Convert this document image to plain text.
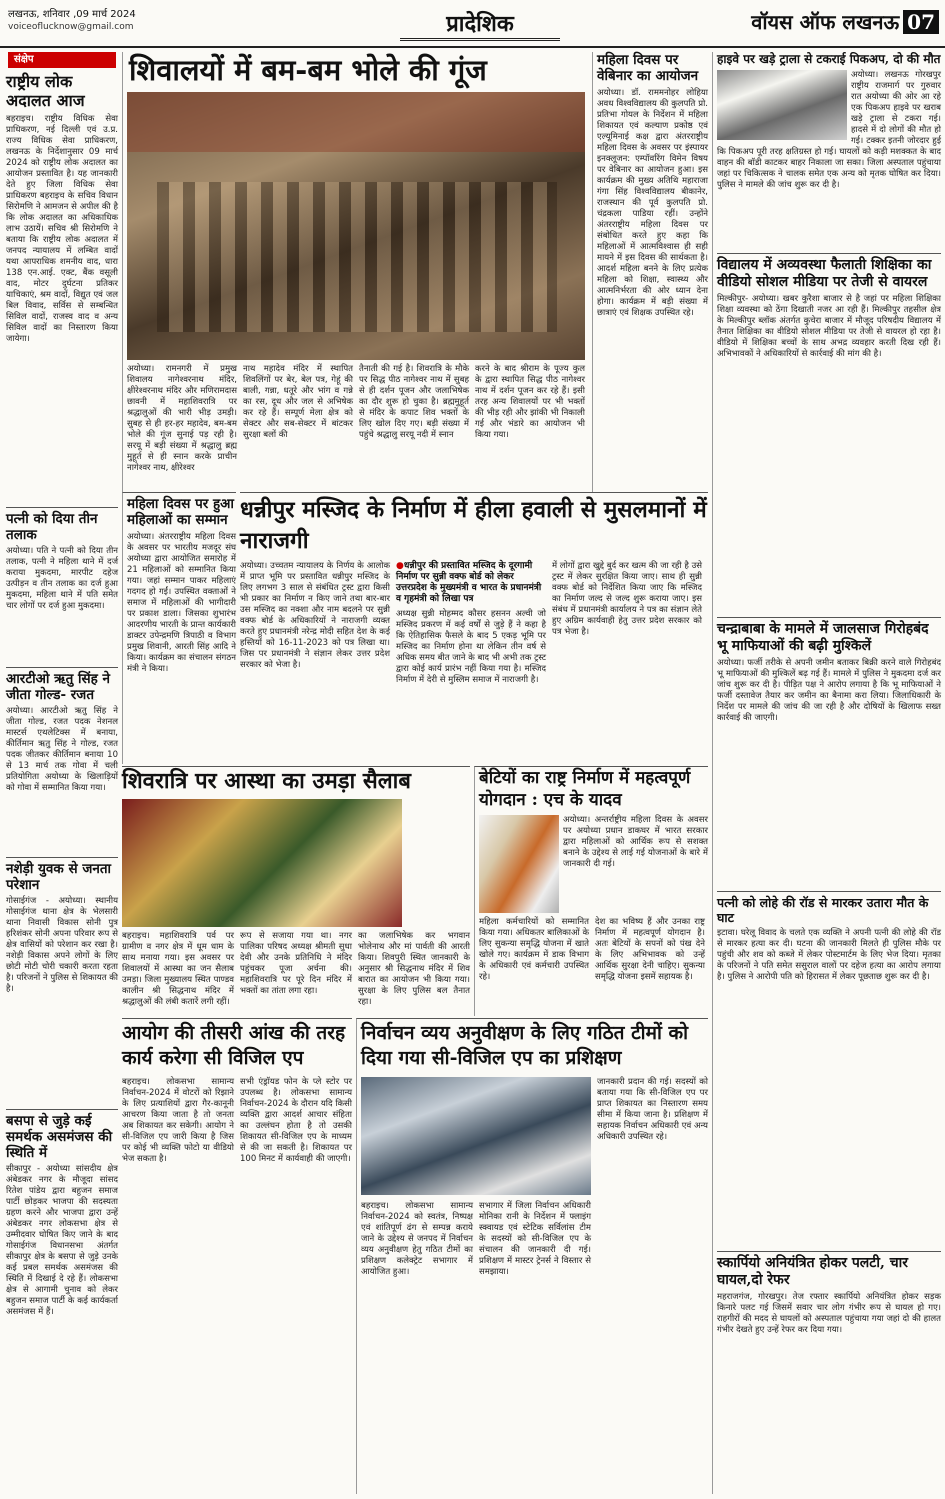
लखनऊ, शनिवार ,09 मार्च 2024
voiceoflucknow@gmail.com	प्रादेशिक	वॉयस ऑफ लखनऊ 07
संक्षेप
राष्ट्रीय लोक अदालत आज
बहराइच। राष्ट्रीय विधिक सेवा प्राधिकरण, नई दिल्ली एवं उ.प्र. राज्य विधिक सेवा प्राधिकरण, लखनऊ के निर्देशानुसार 09 मार्च 2024 को राष्ट्रीय लोक अदालत का आयोजन प्रस्तावित है। यह जानकारी देते हुए जिला विधिक सेवा प्राधिकरण बहराइच के सचिव विधान सिरोमणि ने आमजन से अपील की है कि लोक अदालत का अधिकाधिक लाभ उठायें। सचिव श्री सिरोमणि ने बताया कि राष्ट्रीय लोक अदालत में जनपद न्यायालय में लम्बित वादों यथा आपराधिक शमनीय वाद, धारा 138 एन.आई. एक्ट, बैंक वसूली वाद, मोटर दुर्घटना प्रतिकर याचिकाएं, श्रम वादों, विद्युत एवं जल बिल विवाद, सर्विस से सम्बन्धित सिविल वादों, राजस्व वाद व अन्य सिविल वादों का निस्तारण किया जायेगा।
पत्नी को दिया तीन तलाक
अयोध्या। पति ने पत्नी को दिया तीन तलाक, पत्नी ने महिला थाने में दर्ज कराया मुकदमा, मारपीट दहेज उत्पीड़न व तीन तलाक का दर्ज हुआ मुकदमा, महिला थाने में पति समेत चार लोगों पर दर्ज हुआ मुकदमा।
आरटीओ ऋतु सिंह ने जीता गोल्ड- रजत
अयोध्या। आरटीओ ऋतु सिंह ने जीता गोल्ड, रजत पदक नेशनल मास्टर्स एथलेटिक्स में बनाया, कीर्तिमान ऋतु सिंह ने गोल्ड, रजत पदक जीतकर कीर्तिमान बनाया 10 से 13 मार्च तक गोवा में चली प्रतियोगिता अयोध्या के खिलाड़ियों को गोवा में सम्मानित किया गया।
नशेड़ी युवक से जनता परेशान
गोसाईगंज - अयोध्या। स्थानीय गोसाईगंज थाना क्षेत्र के भेलसारी थाना निवासी विकास सोनी पुत्र हरिशंकर सोनी अपना परिवार रूप से क्षेत्र वासियों को परेशान कर रखा है। नशेड़ी विकास अपने लोगों के लिए छोटी मोटी चोरी चकारी करता रहता है। परिजनों ने पुलिस से शिकायत की है।
बसपा से जुड़े कई समर्थक असमंजस की स्थिति में
सीकापुर - अयोध्या सांसदीय क्षेत्र अंबेडकर नगर के मौजूदा सांसद रितेश पांडेय द्वारा बहुजन समाज पार्टी छोड़कर भाजपा की सदस्यता ग्रहण करने और भाजपा द्वारा उन्हें अंबेडकर नगर लोकसभा क्षेत्र से उम्मीदवार घोषित किए जाने के बाद गोसाईगंज विधानसभा अंतर्गत सीकापुर क्षेत्र के बसपा से जुड़े उनके कई प्रबल समर्थक असमंजस की स्थिति में दिखाई दे रहे हैं। लोकसभा क्षेत्र से आगामी चुनाव को लेकर बहुजन समाज पार्टी के कई कार्यकर्ता असमंजस में हैं।
शिवालयों में बम-बम भोले की गूंज
अयोध्या। रामनगरी में प्रमुख शिवालय नागेश्वरनाथ मंदिर, क्षीरेश्वरनाथ मंदिर और मणिरामदास छावनी में महाशिवरात्रि पर श्रद्धालुओं की भारी भीड़ उमड़ी। सुबह से ही हर-हर महादेव, बम-बम भोले की गूंज सुनाई पड़ रही है। सरयू में बड़ी संख्या में श्रद्धालु ब्रह्म मुहूर्त से ही स्नान करके प्राचीन नागेश्वर नाथ, क्षीरेश्वर
नाथ महादेव मंदिर में स्थापित शिवलिंगों पर बेर, बेल पत्र, गेहूं की बाली, गन्ना, धतूरे और भांग व गन्ने का रस, दूध और जल से अभिषेक कर रहे हैं। सम्पूर्ण मेला क्षेत्र को सेक्टर और सब-सेक्टर में बांटकर सुरक्षा बलों की
तैनाती की गई है। शिवरात्रि के मौके पर सिद्ध पीठ नागेश्वर नाथ में सुबह से ही दर्शन पूजन और जलाभिषेक का दौर शुरू हो चुका है। ब्रह्ममुहूर्त से मंदिर के कपाट शिव भक्तों के लिए खोल दिए गए। बड़ी संख्या में पहुंचे श्रद्धालु सरयू नदी में स्नान
करने के बाद श्रीराम के पूज्य कुल के द्वारा स्थापित सिद्ध पीठ नागेश्वर नाथ में दर्शन पूजन कर रहे हैं। इसी तरह अन्य शिवालयों पर भी भक्तों की भीड़ रही और झांकी भी निकाली गई और भंडारे का आयोजन भी किया गया।
महिला दिवस पर वेबिनार का आयोजन
अयोध्या। डॉ. राममनोहर लोहिया अवध विश्वविद्यालय की कुलपति प्रो. प्रतिभा गोयल के निर्देशन में महिला शिकायत एवं कल्याण प्रकोष्ठ एवं एल्यूमिनाई कक्ष द्वारा अंतरराष्ट्रीय महिला दिवस के अवसर पर इंस्पायर इनक्लूजन: एम्पॉवरिंग विमेन विषय पर वेबिनार का आयोजन हुआ। इस कार्यक्रम की मुख्य अतिथि महाराजा गंगा सिंह विश्वविद्यालय बीकानेर, राजस्थान की पूर्व कुलपति प्रो. चंद्रकला पाडिया रहीं। उन्होंने अंतरराष्ट्रीय महिला दिवस पर संबोधित करते हुए कहा कि महिलाओं में आत्मविश्वास ही सही मायने में इस दिवस की सार्थकता है। आदर्श महिला बनने के लिए प्रत्येक महिला को शिक्षा, स्वास्थ्य और आत्मनिर्भरता की ओर ध्यान देना होगा। कार्यक्रम में बड़ी संख्या में छात्राएं एवं शिक्षक उपस्थित रहे।
महिला दिवस पर हुआ महिलाओं का सम्मान
अयोध्या। अंतरराष्ट्रीय महिला दिवस के अवसर पर भारतीय मजदूर संघ अयोध्या द्वारा आयोजित समारोह में 21 महिलाओं को सम्मानित किया गया। जहां सम्मान पाकर महिलाएं गदगद हो गईं। उपस्थित वक्ताओं ने समाज में महिलाओं की भागीदारी पर प्रकाश डाला। जिसका शुभारंभ आदरणीय भारती के प्रान्त कार्यकारी डाक्टर उपेन्द्रमणि त्रिपाठी व विभाग प्रमुख शिवानी, आरती सिंह आदि ने किया। कार्यक्रम का संचालन संगठन मंत्री ने किया।
धन्नीपुर मस्जिद के निर्माण में हीला हवाली से मुसलमानों में नाराजगी
अयोध्या। उच्चतम न्यायालय के निर्णय के आलोक में प्राप्त भूमि पर प्रस्तावित धन्नीपुर मस्जिद के लिए लगभग 3 साल से संबंधित ट्रस्ट द्वारा किसी भी प्रकार का निर्माण न किए जाने तथा बार-बार उस मस्जिद का नक्शा और नाम बदलने पर सुन्नी वक्फ बोर्ड के अधिकारियों ने नाराजगी व्यक्त करते हुए प्रधानमंत्री नरेन्द्र मोदी सहित देश के कई हस्तियों को 16-11-2023 को पत्र लिखा था। जिस पर प्रधानमंत्री ने संज्ञान लेकर उत्तर प्रदेश सरकार को भेजा है।
● धन्नीपुर की प्रस्तावित मस्जिद के दूरगामी निर्माण पर सुन्नी वक्फ बोर्ड को लेकर उत्तरप्रदेश के मुख्यमंत्री व भारत के प्रधानमंत्री व गृहमंत्री को लिखा पत्र
अध्यक्ष सुन्नी मोहम्मद कौसर हसनन अल्वी जो मस्जिद प्रकरण में कई वर्षों से जुड़े हैं ने कहा है कि ऐतिहासिक फैसले के बाद 5 एकड़ भूमि पर मस्जिद का निर्माण होना था लेकिन तीन वर्ष से अधिक समय बीत जाने के बाद भी अभी तक ट्रस्ट द्वारा कोई कार्य प्रारंभ नहीं किया गया है। मस्जिद निर्माण में देरी से मुस्लिम समाज में नाराजगी है।
में लोगों द्वारा खुद्दे बुर्द कर खत्म की जा रही है उसे ट्रस्ट में लेकर सुरक्षित किया जाए। साथ ही सुन्नी वक्फ बोर्ड को निर्देशित किया जाए कि मस्जिद का निर्माण जल्द से जल्द शुरू कराया जाए। इस संबंध में प्रधानमंत्री कार्यालय ने पत्र का संज्ञान लेते हुए अग्रिम कार्यवाही हेतु उत्तर प्रदेश सरकार को पत्र भेजा है।
शिवरात्रि पर आस्था का उमड़ा सैलाब
बहराइच। महाशिवरात्रि पर्व पर ग्रामीण व नगर क्षेत्र में धूम धाम के साथ मनाया गया। इस अवसर पर शिवालयों में आस्था का जन सैलाब उमड़ा। जिला मुख्यालय स्थित पाण्डव कालीन श्री सिद्धनाथ मंदिर में श्रद्धालुओं की लंबी कतारें लगी रहीं।
रूप से सजाया गया था। नगर पालिका परिषद अध्यक्ष श्रीमती सुधा देवी और उनके प्रतिनिधि ने मंदिर पहुंचकर पूजा अर्चना की। महाशिवरात्रि पर पूरे दिन मंदिर में भक्तों का तांता लगा रहा।
का जलाभिषेक कर भगवान भोलेनाथ और मां पार्वती की आरती किया। शिवपुरी स्थित जानकारी के अनुसार श्री सिद्धनाथ मंदिर में शिव बारात का आयोजन भी किया गया। सुरक्षा के लिए पुलिस बल तैनात रहा।
बेटियों का राष्ट्र निर्माण में महत्वपूर्ण योगदान : एच के यादव
अयोध्या। अन्तर्राष्ट्रीय महिला दिवस के अवसर पर अयोध्या प्रधान डाकघर में भारत सरकार द्वारा महिलाओं को आर्थिक रूप से सशक्त बनाने के उद्देश्य से लाई गई योजनाओं के बारे में जानकारी दी गई।
महिला कर्मचारियों को सम्मानित किया गया। अधिकतर बालिकाओं के लिए सुकन्या समृद्धि योजना में खाते खोले गए। कार्यक्रम में डाक विभाग के अधिकारी एवं कर्मचारी उपस्थित रहे।
देश का भविष्य हैं और उनका राष्ट्र निर्माण में महत्वपूर्ण योगदान है। अतः बेटियों के सपनों को पंख देने के लिए अभिभावक को उन्हें आर्थिक सुरक्षा देनी चाहिए। सुकन्या समृद्धि योजना इसमें सहायक है।
आयोग की तीसरी आंख की तरह कार्य करेगा सी विजिल एप
बहराइच। लोकसभा सामान्य निर्वाचन-2024 में वोटरों को रिझाने के लिए प्रत्याशियों द्वारा गैर-कानूनी आचरण किया जाता है तो जनता अब शिकायत कर सकेगी। आयोग ने सी-विजिल एप जारी किया है जिस पर कोई भी व्यक्ति फोटो या वीडियो भेज सकता है।
सभी एंड्रॉयड फोन के प्ले स्टोर पर उपलब्ध है। लोकसभा सामान्य निर्वाचन-2024 के दौरान यदि किसी व्यक्ति द्वारा आदर्श आचार संहिता का उल्लंघन होता है तो उसकी शिकायत सी-विजिल एप के माध्यम से की जा सकती है। शिकायत पर 100 मिनट में कार्यवाही की जाएगी।
निर्वाचन व्यय अनुवीक्षण के लिए गठित टीमों को दिया गया सी-विजिल एप का प्रशिक्षण
जानकारी प्रदान की गई। सदस्यों को बताया गया कि सी-विजिल एप पर प्राप्त शिकायत का निस्तारण समय सीमा में किया जाना है। प्रशिक्षण में सहायक निर्वाचन अधिकारी एवं अन्य अधिकारी उपस्थित रहे।
बहराइच। लोकसभा सामान्य निर्वाचन-2024 को स्वतंत्र, निष्पक्ष एवं शांतिपूर्ण ढंग से सम्पन्न कराये जाने के उद्देश्य से जनपद में निर्वाचन व्यय अनुवीक्षण हेतु गठित टीमों का प्रशिक्षण कलेक्ट्रेट सभागार में आयोजित हुआ।
सभागार में जिला निर्वाचन अधिकारी मोनिका रानी के निर्देशन में फ्लाइंग स्क्वायड एवं स्टेटिक सर्विलांस टीम के सदस्यों को सी-विजिल एप के संचालन की जानकारी दी गई। प्रशिक्षण में मास्टर ट्रेनर्स ने विस्तार से समझाया।
हाइवे पर खड़े ट्राला से टकराई पिकअप, दो की मौत
अयोध्या। लखनऊ गोरखपुर राष्ट्रीय राजमार्ग पर गुरुवार रात अयोध्या की ओर आ रहे एक पिकअप हाइवे पर खराब खड़े ट्राला से टकरा गई। हादसे में दो लोगों की मौत हो गई। टक्कर इतनी जोरदार हुई कि पिकअप पूरी तरह क्षतिग्रस्त हो गई। घायलों को कड़ी मशक्कत के बाद वाहन की बॉडी काटकर बाहर निकाला जा सका। जिला अस्पताल पहुंचाया जहां पर चिकित्सक ने चालक समेत एक अन्य को मृतक घोषित कर दिया। पुलिस ने मामले की जांच शुरू कर दी है।
विद्यालय में अव्यवस्था फैलाती शिक्षिका का वीडियो सोशल मीडिया पर तेजी से वायरल
मिल्कीपुर- अयोध्या। खबर कुरैशा बाजार से है जहां पर महिला शिक्षिका शिक्षा व्यवस्था को ठेंगा दिखाती नजर आ रही हैं। मिल्कीपुर तहसील क्षेत्र के मिल्कीपुर ब्लॉक अंतर्गत कुचेरा बाजार में मौजूद परिषदीय विद्यालय में तैनात शिक्षिका का वीडियो सोशल मीडिया पर तेजी से वायरल हो रहा है। वीडियो में शिक्षिका बच्चों के साथ अभद्र व्यवहार करती दिख रही हैं। अभिभावकों ने अधिकारियों से कार्रवाई की मांग की है।
चन्द्राबाबा के मामले में जालसाज गिरोहबंद भू माफियाओं की बढ़ी मुश्किलें
अयोध्या। फर्जी तरीके से अपनी जमीन बताकर बिक्री करने वाले गिरोहबंद भू माफियाओं की मुश्किलें बढ़ गई हैं। मामले में पुलिस ने मुकदमा दर्ज कर जांच शुरू कर दी है। पीड़ित पक्ष ने आरोप लगाया है कि भू माफियाओं ने फर्जी दस्तावेज तैयार कर जमीन का बैनामा करा लिया। जिलाधिकारी के निर्देश पर मामले की जांच की जा रही है और दोषियों के खिलाफ सख्त कार्रवाई की जाएगी।
पत्नी को लोहे की रॉड से मारकर उतारा मौत के घाट
इटावा। घरेलू विवाद के चलते एक व्यक्ति ने अपनी पत्नी की लोहे की रॉड से मारकर हत्या कर दी। घटना की जानकारी मिलते ही पुलिस मौके पर पहुंची और शव को कब्जे में लेकर पोस्टमार्टम के लिए भेज दिया। मृतका के परिजनों ने पति समेत ससुराल वालों पर दहेज हत्या का आरोप लगाया है। पुलिस ने आरोपी पति को हिरासत में लेकर पूछताछ शुरू कर दी है।
स्कार्पियो अनियंत्रित होकर पलटी, चार घायल,दो रेफर
महराजगंज, गोरखपुर। तेज रफ्तार स्कार्पियो अनियंत्रित होकर सड़क किनारे पलट गई जिसमें सवार चार लोग गंभीर रूप से घायल हो गए। राहगीरों की मदद से घायलों को अस्पताल पहुंचाया गया जहां दो की हालत गंभीर देखते हुए उन्हें रेफर कर दिया गया।
